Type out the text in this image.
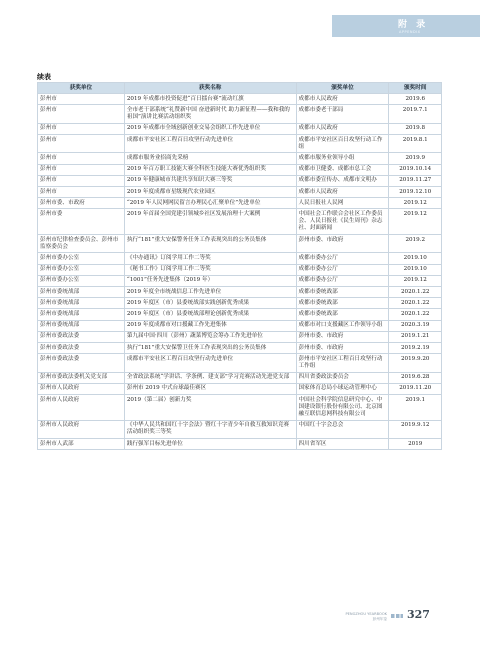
附 录
APPENDIX
续表
获奖单位	获奖名称	颁奖单位	颁奖时间
彭州市	2019 年成都市投资促进“百日擂台赛”流动红旗	成都市人民政府	2019.6
彭州市	全市老干部系统“礼赞新中国 奋进新时代 助力新征程——我和我的祖国”演讲比赛活动组织奖	成都市委老干部局	2019.7.1
彭州市	2019 年成都市全域创新创业交易会组织工作先进单位	成都市人民政府	2019.8
彭州市	成都市平安社区工程百日攻坚行动先进单位	成都市平安社区百日攻坚行动工作组	2019.8.1
彭州市	成都市服务业招商先采榜	成都市服务业领导小组	2019.9
彭州市	2019 年百万职工技能大赛全科医生技能大赛优秀组织奖	成都市卫健委、成都市总工会	2019.10.14
彭州市	2019 年健康城市共建共享知识大赛三等奖	成都市委宣传办、成都市文明办	2019.11.27
彭州市	2019 年度成都市星级现代农业园区	成都市人民政府	2019.12.10
彭州市委、市政府	“2019 年人民网网民留言办理民心汇聚单位”先进单位	人民日报社人民网	2019.12
彭州市委	2019 年首届全国党建引领城乡社区发展治理十大案例	中国社会工作联合会社区工作委员会、人民日报社《民生周刊》杂志社、封面新闻	2019.12
彭州市纪律检查委员会、彭州市监察委员会	执行“181”重大安保警务任务工作表现突出的公务员集体	彭州市委、市政府	2019.2
彭州市委办公室	《中办通讯》订阅学用工作二等奖	成都市委办公厅	2019.10
彭州市委办公室	《秘书工作》订阅学用工作二等奖	成都市委办公厅	2019.10
彭州市委办公室	“1001”任务先进集体（2019 年）	成都市委办公厅	2019.12
彭州市委统战部	2019 年度全市统战信息工作先进单位	成都市委统战部	2020.1.22
彭州市委统战部	2019 年度区（市）县委统战部实践创新优秀成果	成都市委统战部	2020.1.22
彭州市委统战部	2019 年度区（市）县委统战部理论创新优秀成果	成都市委统战部	2020.1.22
彭州市委统战部	2019 年度成都市对口援藏工作先进集体	成都市对口支援藏区工作领导小组	2020.3.19
彭州市委政法委	第九届中国·四川（彭州）蔬菜博览会筹办工作先进单位	彭州市委、市政府	2019.1.21
彭州市委政法委	执行“181”重大安保警卫任务工作表现突出的公务员集体	彭州市委、市政府	2019.2.19
彭州市委政法委	成都市平安社区工程百日攻坚行动先进单位	彭州市平安社区工程百日攻坚行动工作组	2019.9.20
彭州市委政法委机关党支部	全省政法系统“学讲话、学条例、建支部”学习竞赛活动先进党支部	四川省委政法委员会	2019.6.28
彭州市人民政府	彭州市 2019 中式台球最佳赛区	国家体育总局小球运动管理中心	2019.11.20
彭州市人民政府	2019（第二届）创新力奖	中国社会科学院信息研究中心、中国建设银行股份有限公司、北京图融互联信息网科技有限公司	2019.1
彭州市人民政府	《中华人民共和国红十字会法》暨红十字青少年自救互救知识竞赛活动组织奖三等奖	中国红十字会总会	2019.9.12
彭州市人武部	践行强军目标先进单位	四川省军区	2019
PENGZHOU YEARBOOK
彭州年鉴 327
